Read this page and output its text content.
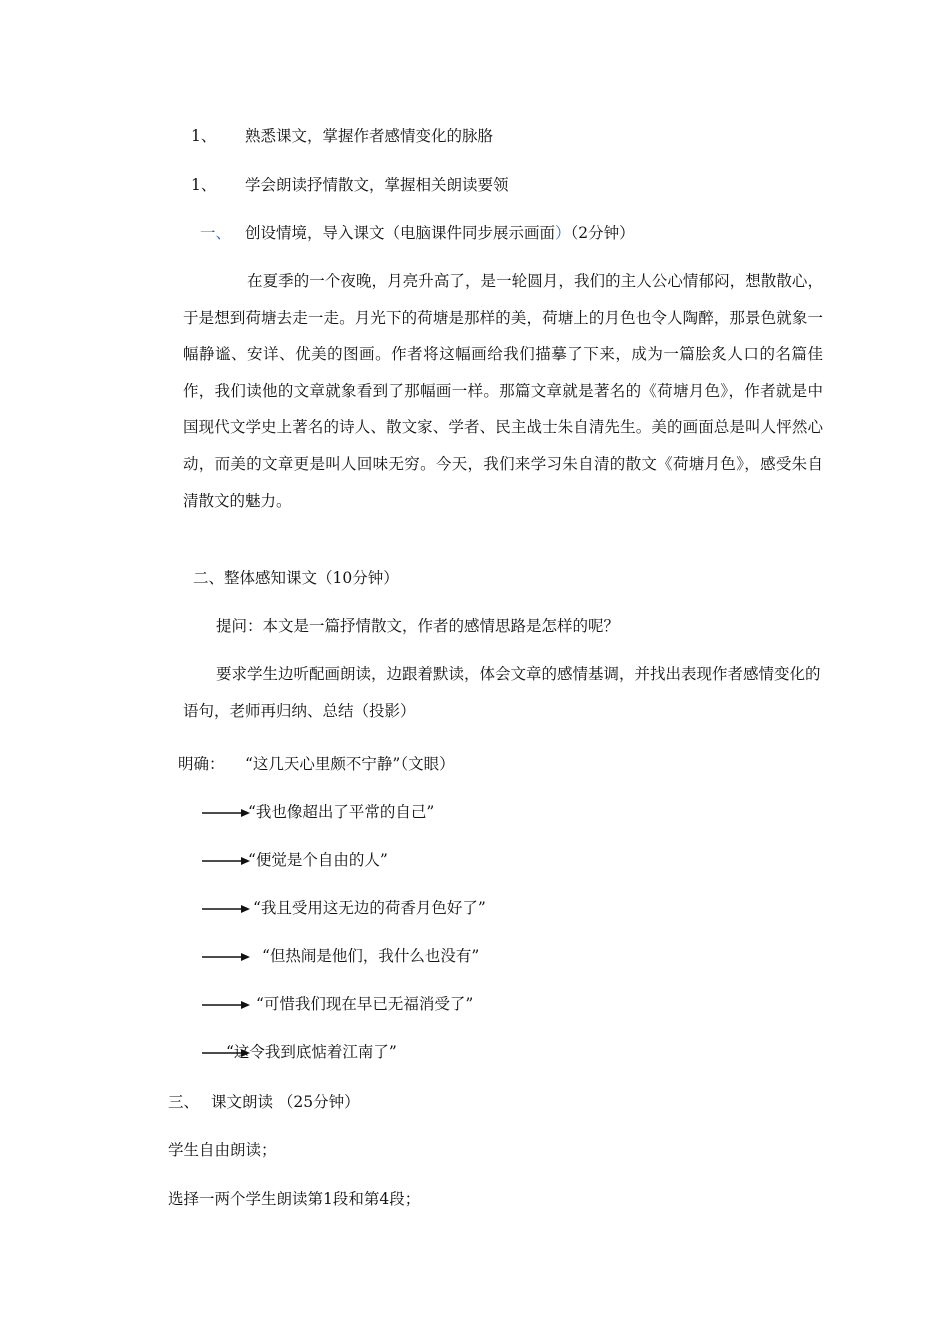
1、 熟悉课文，掌握作者感情变化的脉胳
1、 学会朗读抒情散文，掌握相关朗读要领
一、 创设情境，导入课文（电脑课件同步展示画面）（2分钟）
在夏季的一个夜晚，月亮升高了，是一轮圆月，我们的主人公心情郁闷，想散散心，于是想到荷塘去走一走。月光下的荷塘是那样的美，荷塘上的月色也令人陶醉，那景色就象一幅静谧、安详、优美的图画。作者将这幅画给我们描摹了下来，成为一篇脍炙人口的名篇佳作，我们读他的文章就象看到了那幅画一样。那篇文章就是著名的《荷塘月色》，作者就是中国现代文学史上著名的诗人、散文家、学者、民主战士朱自清先生。美的画面总是叫人怦然心动，而美的文章更是叫人回味无穷。今天，我们来学习朱自清的散文《荷塘月色》，感受朱自清散文的魅力。
二、整体感知课文（10分钟）
提问：本文是一篇抒情散文，作者的感情思路是怎样的呢？
要求学生边听配画朗读，边跟着默读，体会文章的感情基调，并找出表现作者感情变化的语句，老师再归纳、总结（投影）
明确： “这几天心里颇不宁静”（文眼）
“我也像超出了平常的自己”
“便觉是个自由的人”
“我且受用这无边的荷香月色好了”
“但热闹是他们，我什么也没有”
“可惜我们现在早已无福消受了”
“这令我到底惦着江南了”
三、 课文朗读 （25分钟）
学生自由朗读；
选择一两个学生朗读第1段和第4段；
